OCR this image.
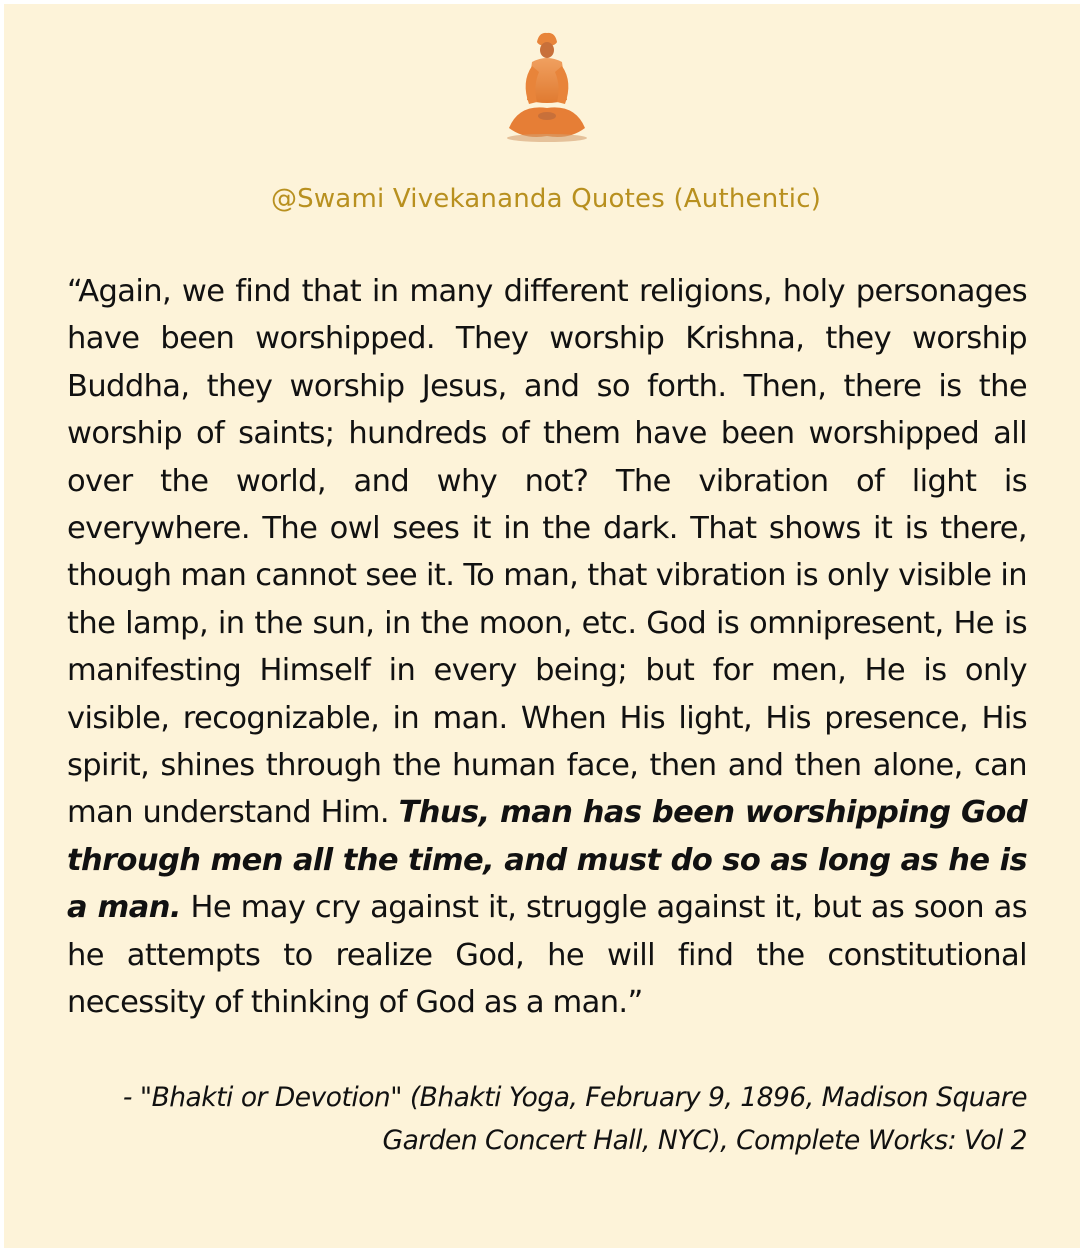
@Swami Vivekananda Quotes (Authentic)

“Again, we find that in many different religions, holy personages have been worshipped. They worship Krishna, they worship Buddha, they worship Jesus, and so forth. Then, there is the worship of saints; hundreds of them have been worshipped all over the world, and why not? The vibration of light is everywhere. The owl sees it in the dark. That shows it is there, though man cannot see it. To man, that vibration is only visible in the lamp, in the sun, in the moon, etc. God is omnipresent, He is manifesting Himself in every being; but for men, He is only visible, recognizable, in man. When His light, His presence, His spirit, shines through the human face, then and then alone, can man understand Him. Thus, man has been worshipping God through men all the time, and must do so as long as he is a man. He may cry against it, struggle against it, but as soon as he attempts to realize God, he will find the constitutional necessity of thinking of God as a man.”

- "Bhakti or Devotion" (Bhakti Yoga, February 9, 1896, Madison Square Garden Concert Hall, NYC), Complete Works: Vol 2
